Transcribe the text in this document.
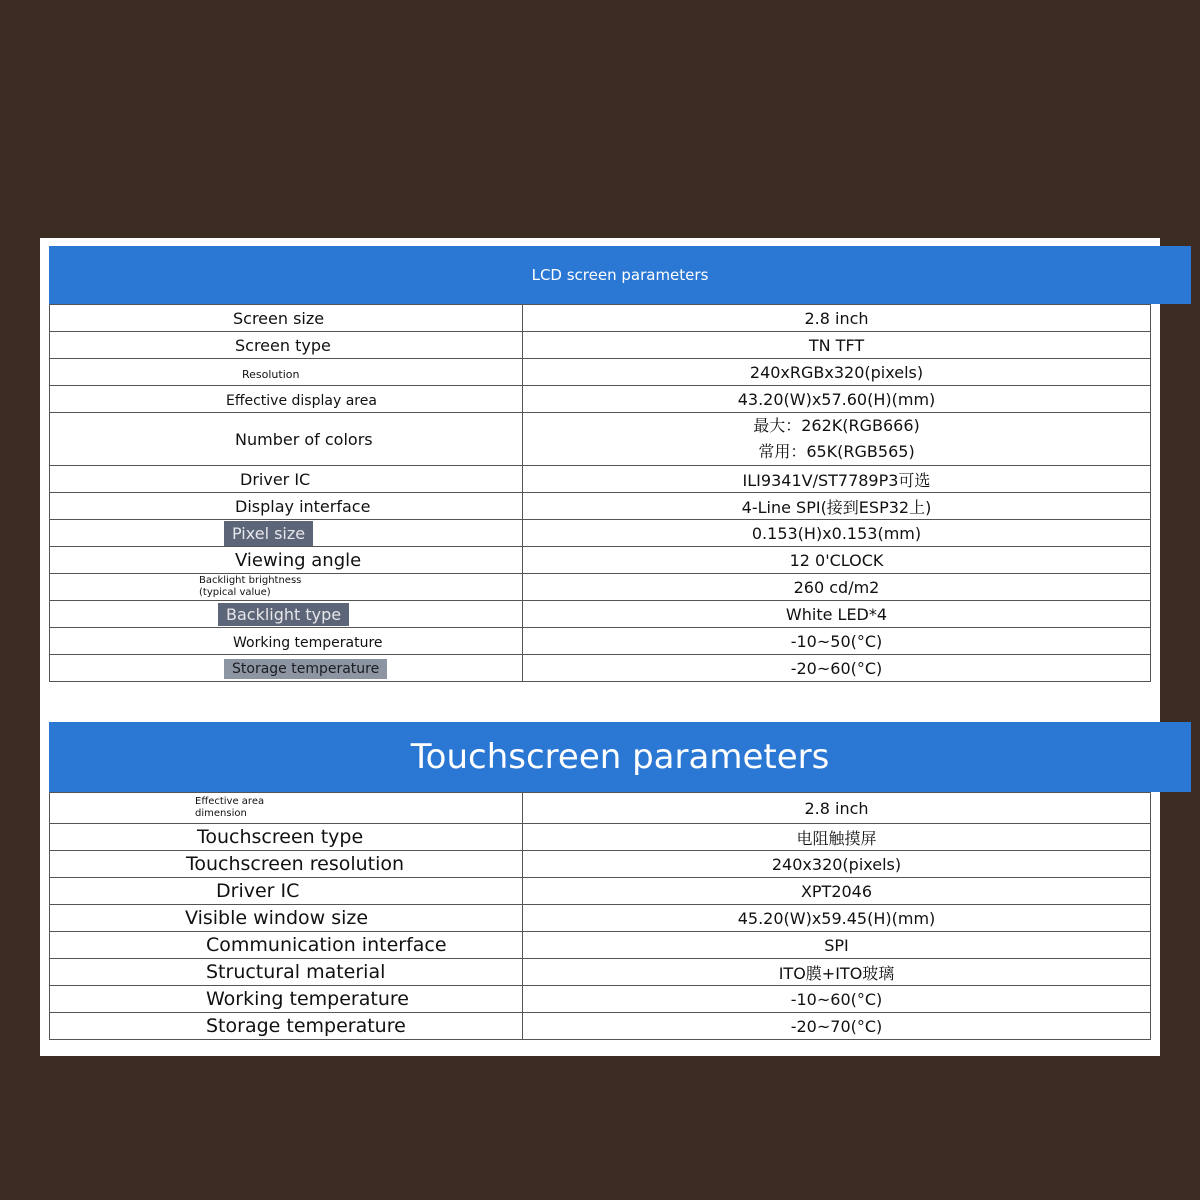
LCD screen parameters
Screen size	2.8 inch
Screen type	TN TFT
Resolution	240xRGBx320(pixels)
Effective display area	43.20(W)x57.60(H)(mm)
Number of colors	最大：262K(RGB666)
常用：65K(RGB565)

Driver IC	ILI9341V/ST7789P3可选
Display interface	4-Line SPI(接到ESP32上)
Pixel size	0.153(H)x0.153(mm)
Viewing angle	12 0'CLOCK
Backlight brightness (typical value)	260 cd/m2
Backlight type	White LED*4
Working temperature	-10~50(°C)
Storage temperature	-20~60(°C)
Touchscreen parameters
Effective area dimension	2.8 inch
Touchscreen type	电阻触摸屏
Touchscreen resolution	240x320(pixels)
Driver IC	XPT2046
Visible window size	45.20(W)x59.45(H)(mm)
Communication interface	SPI
Structural material	ITO膜+ITO玻璃
Working temperature	-10~60(°C)
Storage temperature	-20~70(°C)
